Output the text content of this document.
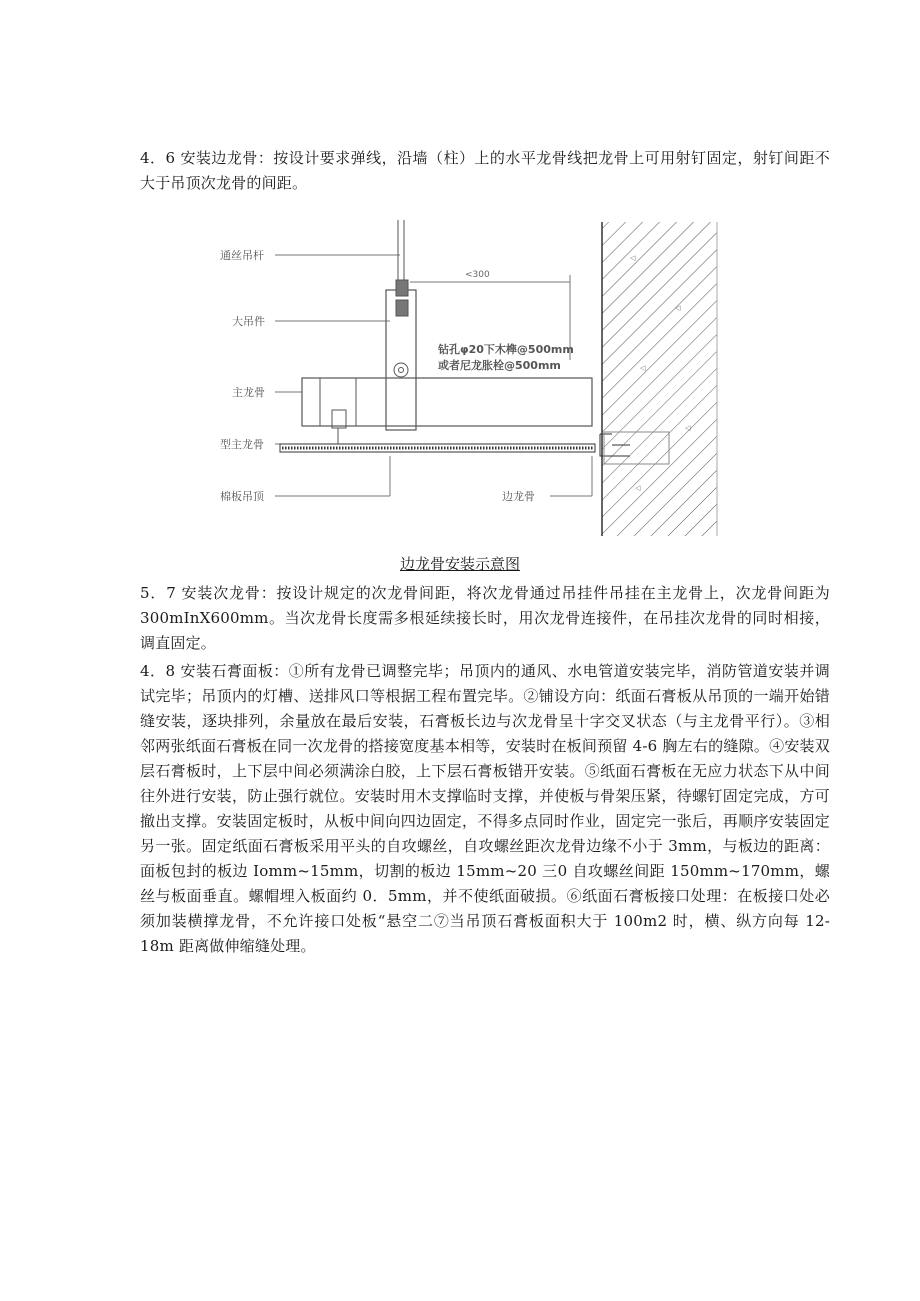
4．6 安装边龙骨：按设计要求弹线，沿墙（柱）上的水平龙骨线把龙骨上可用射钉固定，射钉间距不大于吊顶次龙骨的间距。

◁
◁
◁
◁
◁
通丝吊杆
大吊件
主龙骨
型主龙骨
棉板吊顶	边龙骨
<300
钻孔φ20下木榫@500mm
或者尼龙胀栓@500mm
边龙骨安装示意图

5．7 安装次龙骨：按设计规定的次龙骨间距，将次龙骨通过吊挂件吊挂在主龙骨上，次龙骨间距为 300mInX600mm。当次龙骨长度需多根延续接长时，用次龙骨连接件，在吊挂次龙骨的同时相接，调直固定。

4．8 安装石膏面板：①所有龙骨已调整完毕；吊顶内的通风、水电管道安装完毕，消防管道安装并调试完毕；吊顶内的灯槽、送排风口等根据工程布置完毕。②铺设方向：纸面石膏板从吊顶的一端开始错缝安装，逐块排列，余量放在最后安装，石膏板长边与次龙骨呈十字交叉状态（与主龙骨平行）。③相邻两张纸面石膏板在同一次龙骨的搭接宽度基本相等，安装时在板间预留 4-6 胸左右的缝隙。④安装双层石膏板时，上下层中间必须满涂白胶，上下层石膏板错开安装。⑤纸面石膏板在无应力状态下从中间往外进行安装，防止强行就位。安装时用木支撑临时支撑，并使板与骨架压紧，待螺钉固定完成，方可撤出支撑。安装固定板时，从板中间向四边固定，不得多点同时作业，固定完一张后，再顺序安装固定另一张。固定纸面石膏板采用平头的自攻螺丝，自攻螺丝距次龙骨边缘不小于 3mm，与板边的距离：面板包封的板边 Iomm~15mm，切割的板边 15mm~20 三0 自攻螺丝间距 150mm~170mm，螺丝与板面垂直。螺帽埋入板面约 0．5mm，并不使纸面破损。⑥纸面石膏板接口处理：在板接口处必须加装横撑龙骨，不允许接口处板“悬空二⑦当吊顶石膏板面积大于 100m2 时，横、纵方向每 12-18m 距离做伸缩缝处理。
